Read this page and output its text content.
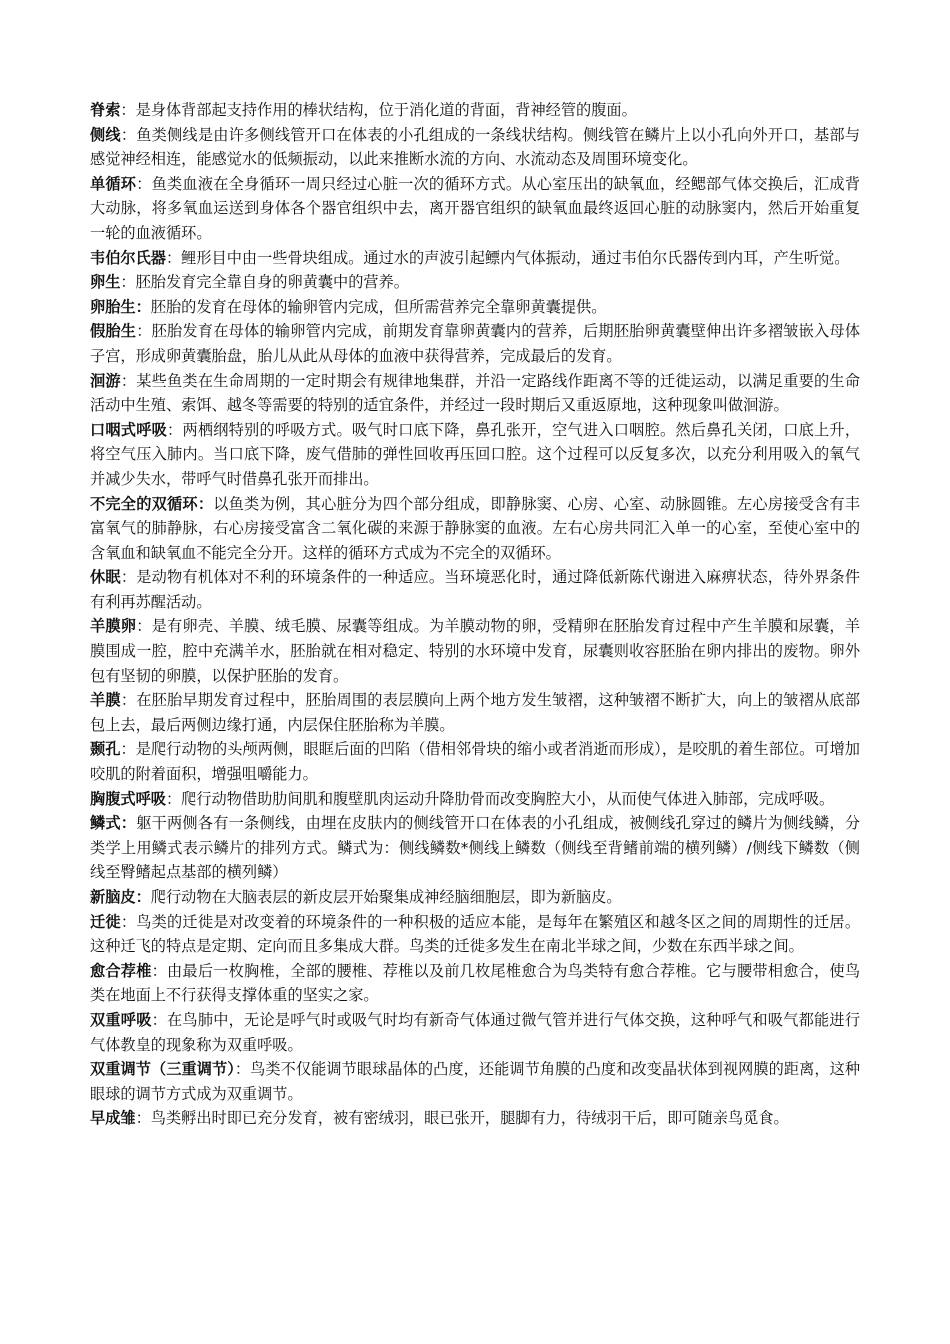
脊索：是身体背部起支持作用的棒状结构，位于消化道的背面，背神经管的腹面。

侧线：鱼类侧线是由许多侧线管开口在体表的小孔组成的一条线状结构。侧线管在鳞片上以小孔向外开口，基部与感觉神经相连，能感觉水的低频振动，以此来推断水流的方向、水流动态及周围环境变化。

单循环：鱼类血液在全身循环一周只经过心脏一次的循环方式。从心室压出的缺氧血，经鳃部气体交换后，汇成背大动脉，将多氧血运送到身体各个器官组织中去，离开器官组织的缺氧血最终返回心脏的动脉窦内，然后开始重复一轮的血液循环。

韦伯尔氏器：鲤形目中由一些骨块组成。通过水的声波引起鳔内气体振动，通过韦伯尔氏器传到内耳，产生听觉。

卵生：胚胎发育完全靠自身的卵黄囊中的营养。

卵胎生：胚胎的发育在母体的输卵管内完成，但所需营养完全靠卵黄囊提供。

假胎生：胚胎发育在母体的输卵管内完成，前期发育靠卵黄囊内的营养，后期胚胎卵黄囊壁伸出许多褶皱嵌入母体子宫，形成卵黄囊胎盘，胎儿从此从母体的血液中获得营养，完成最后的发育。

洄游：某些鱼类在生命周期的一定时期会有规律地集群，并沿一定路线作距离不等的迁徙运动，以满足重要的生命活动中生殖、索饵、越冬等需要的特别的适宜条件，并经过一段时期后又重返原地，这种现象叫做洄游。

口咽式呼吸：两栖纲特别的呼吸方式。吸气时口底下降，鼻孔张开，空气进入口咽腔。然后鼻孔关闭，口底上升，将空气压入肺内。当口底下降，废气借肺的弹性回收再压回口腔。这个过程可以反复多次，以充分利用吸入的氧气并减少失水，带呼气时借鼻孔张开而排出。

不完全的双循环：以鱼类为例，其心脏分为四个部分组成，即静脉窦、心房、心室、动脉圆锥。左心房接受含有丰富氧气的肺静脉，右心房接受富含二氧化碳的来源于静脉窦的血液。左右心房共同汇入单一的心室，至使心室中的含氧血和缺氧血不能完全分开。这样的循环方式成为不完全的双循环。

休眠：是动物有机体对不利的环境条件的一种适应。当环境恶化时，通过降低新陈代谢进入麻痹状态，待外界条件有利再苏醒活动。

羊膜卵：是有卵壳、羊膜、绒毛膜、尿囊等组成。为羊膜动物的卵，受精卵在胚胎发育过程中产生羊膜和尿囊，羊膜围成一腔，腔中充满羊水，胚胎就在相对稳定、特别的水环境中发育，尿囊则收容胚胎在卵内排出的废物。卵外包有坚韧的卵膜，以保护胚胎的发育。

羊膜：在胚胎早期发育过程中，胚胎周围的表层膜向上两个地方发生皱褶，这种皱褶不断扩大，向上的皱褶从底部包上去，最后两侧边缘打通，内层保住胚胎称为羊膜。

颞孔：是爬行动物的头颅两侧，眼眶后面的凹陷（借相邻骨块的缩小或者消逝而形成），是咬肌的着生部位。可增加咬肌的附着面积，增强咀嚼能力。

胸腹式呼吸：爬行动物借助肋间肌和腹壁肌肉运动升降肋骨而改变胸腔大小，从而使气体进入肺部，完成呼吸。

鳞式：躯干两侧各有一条侧线，由埋在皮肤内的侧线管开口在体表的小孔组成，被侧线孔穿过的鳞片为侧线鳞，分类学上用鳞式表示鳞片的排列方式。鳞式为：侧线鳞数*侧线上鳞数（侧线至背鳍前端的横列鳞）/侧线下鳞数（侧线至臀鳍起点基部的横列鳞）

新脑皮：爬行动物在大脑表层的新皮层开始聚集成神经脑细胞层，即为新脑皮。

迁徙：鸟类的迁徙是对改变着的环境条件的一种积极的适应本能，是每年在繁殖区和越冬区之间的周期性的迁居。这种迁飞的特点是定期、定向而且多集成大群。鸟类的迁徙多发生在南北半球之间，少数在东西半球之间。

愈合荐椎：由最后一枚胸椎，全部的腰椎、荐椎以及前几枚尾椎愈合为鸟类特有愈合荐椎。它与腰带相愈合，使鸟类在地面上不行获得支撑体重的坚实之家。

双重呼吸：在鸟肺中，无论是呼气时或吸气时均有新奇气体通过微气管并进行气体交换，这种呼气和吸气都能进行气体教皇的现象称为双重呼吸。

双重调节（三重调节）：鸟类不仅能调节眼球晶体的凸度，还能调节角膜的凸度和改变晶状体到视网膜的距离，这种眼球的调节方式成为双重调节。

早成雏：鸟类孵出时即已充分发育，被有密绒羽，眼已张开，腿脚有力，待绒羽干后，即可随亲鸟觅食。
